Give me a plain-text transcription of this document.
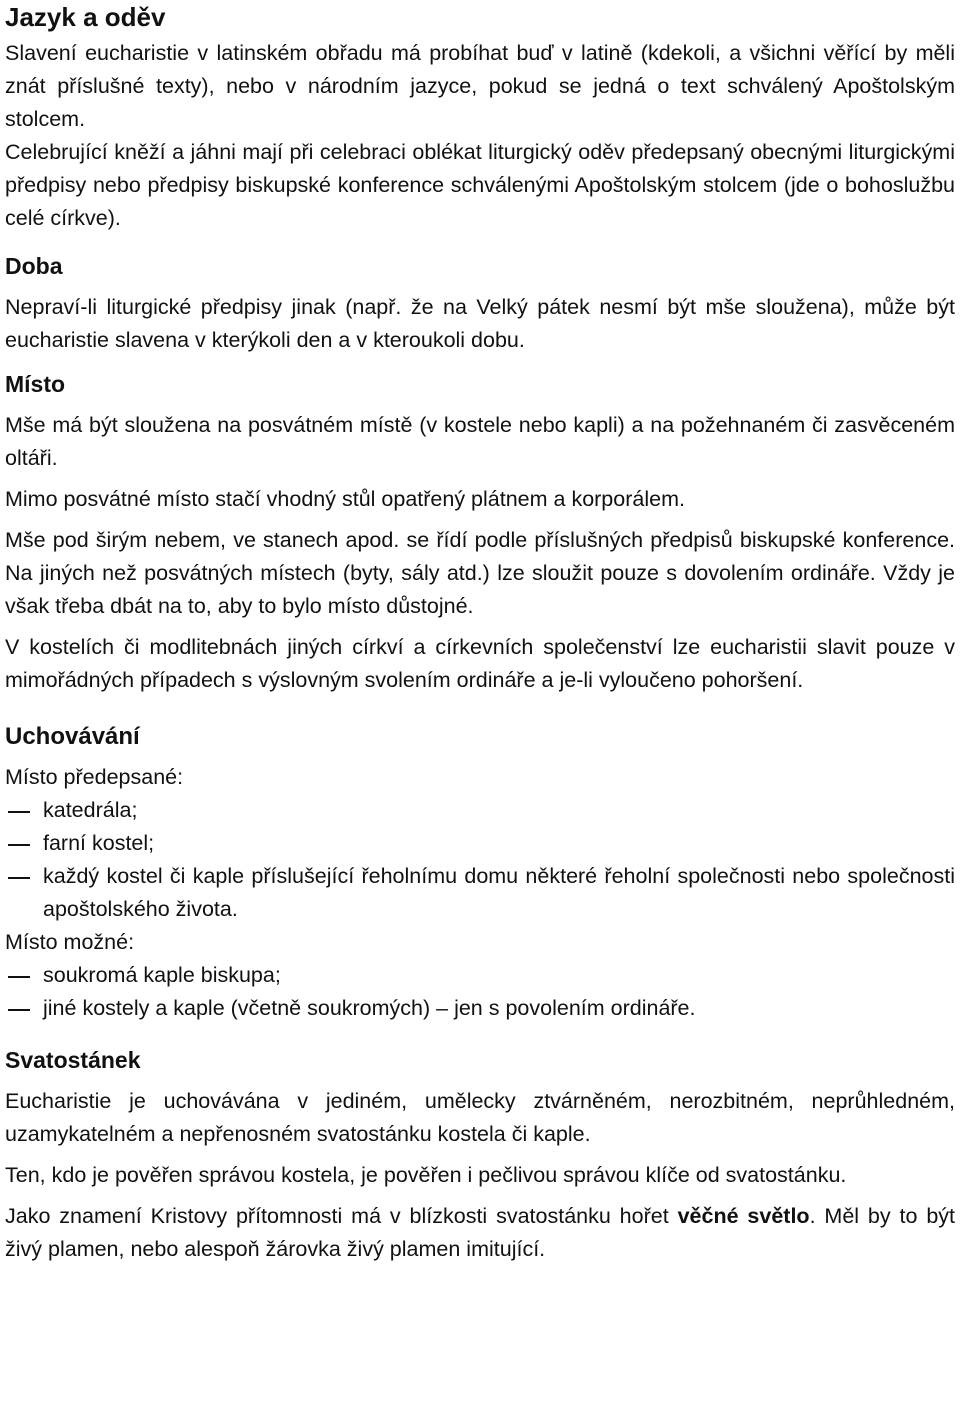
Jazyk a oděv

Slavení eucharistie v latinském obřadu má probíhat buď v latině (kdekoli, a všichni věřící by měli znát příslušné texty), nebo v národním jazyce, pokud se jedná o text schválený Apoštolským stolcem.

Celebrující kněží a jáhni mají při celebraci oblékat liturgický oděv předepsaný obecnými liturgickými předpisy nebo předpisy biskupské konference schválenými Apoštolským stolcem (jde o bohoslužbu celé církve).

Doba

Nepraví-li liturgické předpisy jinak (např. že na Velký pátek nesmí být mše sloužena), může být eucharistie slavena v kterýkoli den a v kteroukoli dobu.

Místo

Mše má být sloužena na posvátném místě (v kostele nebo kapli) a na požehnaném či zasvěceném oltáři.

Mimo posvátné místo stačí vhodný stůl opatřený plátnem a korporálem.

Mše pod širým nebem, ve stanech apod. se řídí podle příslušných předpisů biskupské konference. Na jiných než posvátných místech (byty, sály atd.) lze sloužit pouze s dovolením ordináře. Vždy je však třeba dbát na to, aby to bylo místo důstojné.

V kostelích či modlitebnách jiných církví a církevních společenství lze eucharistii slavit pouze v mimořádných případech s výslovným svolením ordináře a je-li vyloučeno pohoršení.

Uchovávání

Místo předepsané:

katedrála;
farní kostel;
každý kostel či kaple příslušející řeholnímu domu některé řeholní společnosti nebo společnosti apoštolského života.

Místo možné:

soukromá kaple biskupa;
jiné kostely a kaple (včetně soukromých) – jen s povolením ordináře.
Svatostánek

Eucharistie je uchovávána v jediném, umělecky ztvárněném, nerozbitném, neprůhledném, uzamykatelném a nepřenosném svatostánku kostela či kaple.

Ten, kdo je pověřen správou kostela, je pověřen i pečlivou správou klíče od svatostánku.

Jako znamení Kristovy přítomnosti má v blízkosti svatostánku hořet věčné světlo. Měl by to být živý plamen, nebo alespoň žárovka živý plamen imitující.
